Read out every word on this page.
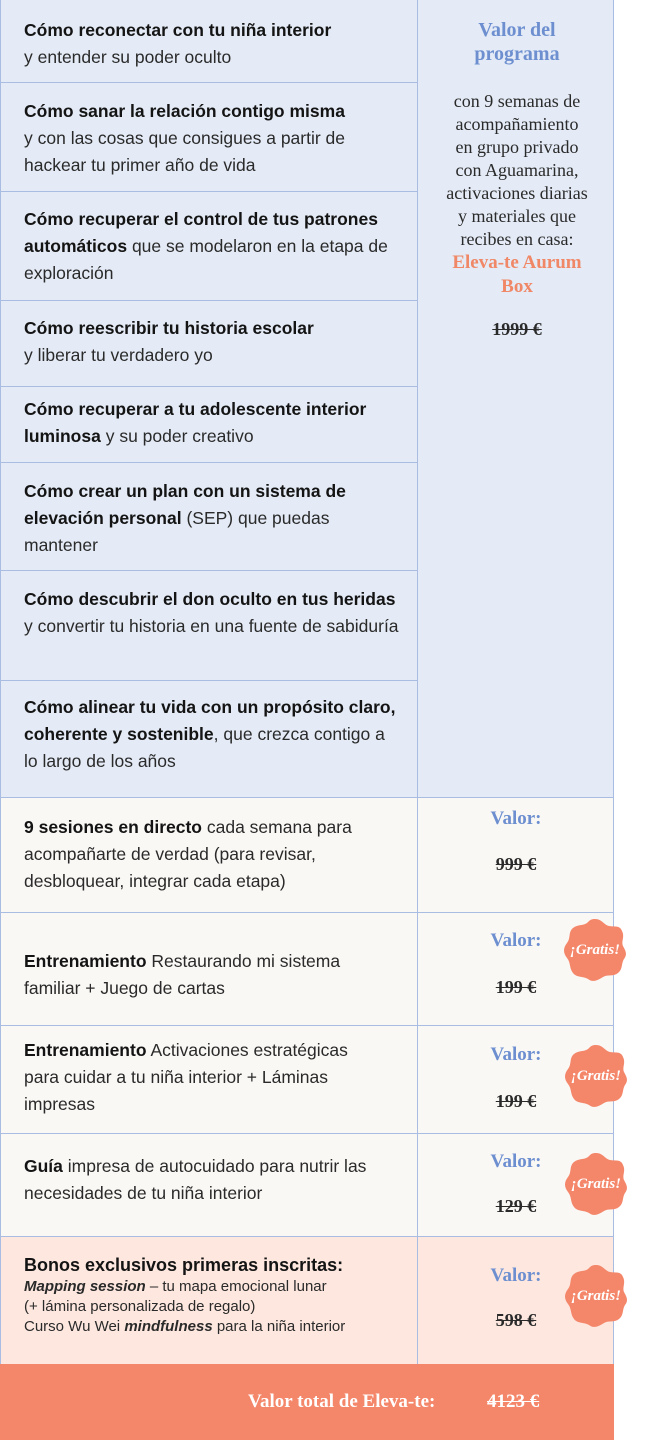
Cómo reconectar con tu niña interior
y entender su poder oculto
Cómo sanar la relación contigo misma
y con las cosas que consigues a partir de hackear tu primer año de vida
Cómo recuperar el control de tus patrones automáticos que se modelaron en la etapa de exploración
Cómo reescribir tu historia escolar
y liberar tu verdadero yo
Cómo recuperar a tu adolescente interior luminosa y su poder creativo
Cómo crear un plan con un sistema de elevación personal (SEP) que puedas mantener
Cómo descubrir el don oculto en tus heridas y convertir tu historia en una fuente de sabiduría
Cómo alinear tu vida con un propósito claro, coherente y sostenible, que crezca contigo a lo largo de los años
Valor del programa
con 9 semanas de acompañamiento en grupo privado con Aguamarina, activaciones diarias y materiales que recibes en casa:
Eleva-te Aurum Box
1999 €
9 sesiones en directo cada semana para acompañarte de verdad (para revisar, desbloquear, integrar cada etapa)
Valor:
999 €
Entrenamiento Restaurando mi sistema familiar + Juego de cartas
Valor:
199 €
Entrenamiento Activaciones estratégicas para cuidar a tu niña interior + Láminas impresas
Valor:
199 €
Guía impresa de autocuidado para nutrir las necesidades de tu niña interior
Valor:
129 €
Bonos exclusivos primeras inscritas:
Mapping session – tu mapa emocional lunar
(+ lámina personalizada de regalo)
Curso Wu Wei mindfulness para la niña interior
Valor:
598 €
¡Gratis!
¡Gratis!
¡Gratis!
¡Gratis!
Valor total de Eleva-te:	4123 €
